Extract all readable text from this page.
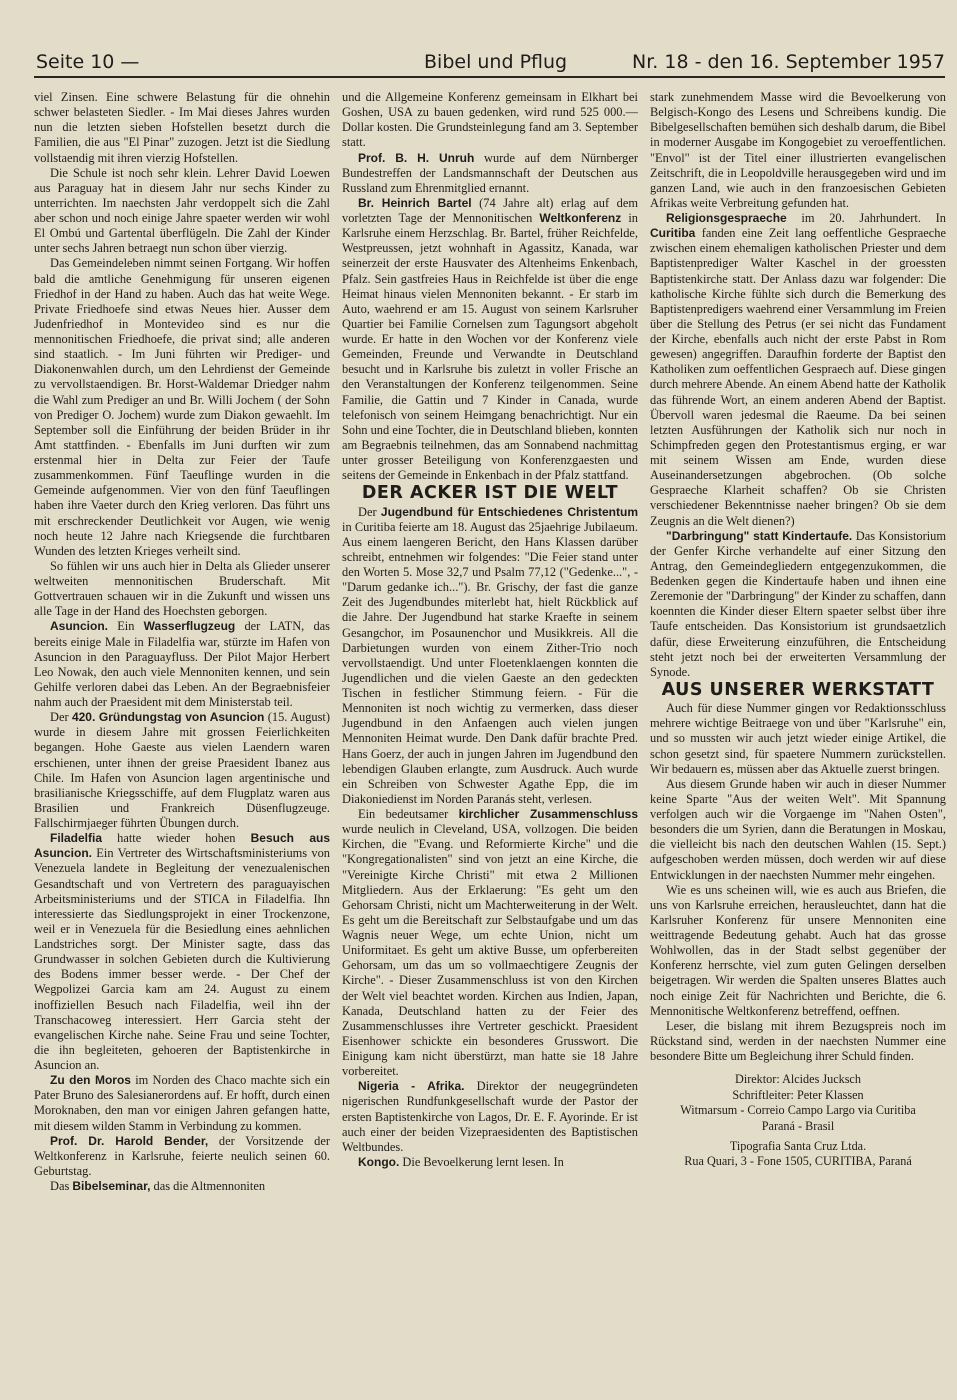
Seite 10 —	Bibel und Pflug	Nr. 18 - den 16. September 1957

viel Zinsen. Eine schwere Belastung für die ohnehin schwer belasteten Siedler. - Im Mai dieses Jahres wurden nun die letzten sieben Hofstellen besetzt durch die Familien, die aus "El Pinar" zuzogen. Jetzt ist die Siedlung vollstaendig mit ihren vierzig Hofstellen.

Die Schule ist noch sehr klein. Lehrer David Loewen aus Paraguay hat in diesem Jahr nur sechs Kinder zu unterrichten. Im naechsten Jahr verdoppelt sich die Zahl aber schon und noch einige Jahre spaeter werden wir wohl El Ombú und Gartental überflügeln. Die Zahl der Kinder unter sechs Jahren betraegt nun schon über vierzig.

Das Gemeindeleben nimmt seinen Fortgang. Wir hoffen bald die amtliche Genehmigung für unseren eigenen Friedhof in der Hand zu haben. Auch das hat weite Wege. Private Friedhoefe sind etwas Neues hier. Ausser dem Judenfriedhof in Montevideo sind es nur die mennonitischen Friedhoefe, die privat sind; alle anderen sind staatlich. - Im Juni führten wir Prediger- und Diakonenwahlen durch, um den Lehrdienst der Gemeinde zu vervollstaendigen. Br. Horst-Waldemar Driedger nahm die Wahl zum Prediger an und Br. Willi Jochem ( der Sohn von Prediger O. Jochem) wurde zum Diakon gewaehlt. Im September soll die Einführung der beiden Brüder in ihr Amt stattfinden. - Ebenfalls im Juni durften wir zum erstenmal hier in Delta zur Feier der Taufe zusammenkommen. Fünf Taeuflinge wurden in die Gemeinde aufgenommen. Vier von den fünf Taeuflingen haben ihre Vaeter durch den Krieg verloren. Das führt uns mit erschreckender Deutlichkeit vor Augen, wie wenig noch heute 12 Jahre nach Kriegsende die furchtbaren Wunden des letzten Krieges verheilt sind.

So fühlen wir uns auch hier in Delta als Glieder unserer weltweiten mennonitischen Bruderschaft. Mit Gottvertrauen schauen wir in die Zukunft und wissen uns alle Tage in der Hand des Hoechsten geborgen.

Asuncion. Ein Wasserflugzeug der LATN, das bereits einige Male in Filadelfia war, stürzte im Hafen von Asuncion in den Paraguayfluss. Der Pilot Major Herbert Leo Nowak, den auch viele Mennoniten kennen, und sein Gehilfe verloren dabei das Leben. An der Begraebnisfeier nahm auch der Praesident mit dem Ministerstab teil.

Der 420. Gründungstag von Asuncion (15. August) wurde in diesem Jahre mit grossen Feierlichkeiten begangen. Hohe Gaeste aus vielen Laendern waren erschienen, unter ihnen der greise Praesident Ibanez aus Chile. Im Hafen von Asuncion lagen argentinische und brasilianische Kriegsschiffe, auf dem Flugplatz waren aus Brasilien und Frankreich Düsenflugzeuge. Fallschirmjaeger führten Übungen durch.

Filadelfia hatte wieder hohen Besuch aus Asuncion. Ein Vertreter des Wirtschaftsministeriums von Venezuela landete in Begleitung der venezualenischen Gesandtschaft und von Vertretern des paraguayischen Arbeitsministeriums und der STICA in Filadelfia. Ihn interessierte das Siedlungsprojekt in einer Trockenzone, weil er in Venezuela für die Besiedlung eines aehnlichen Landstriches sorgt. Der Minister sagte, dass das Grundwasser in solchen Gebieten durch die Kultivierung des Bodens immer besser werde. - Der Chef der Wegpolizei Garcia kam am 24. August zu einem inoffiziellen Besuch nach Filadelfia, weil ihn der Transchacoweg interessiert. Herr Garcia steht der evangelischen Kirche nahe. Seine Frau und seine Tochter, die ihn begleiteten, gehoeren der Baptistenkirche in Asuncion an.

Zu den Moros im Norden des Chaco machte sich ein Pater Bruno des Salesianerordens auf. Er hofft, durch einen Moroknaben, den man vor einigen Jahren gefangen hatte, mit diesem wilden Stamm in Verbindung zu kommen.

Prof. Dr. Harold Bender, der Vorsitzende der Weltkonferenz in Karlsruhe, feierte neulich seinen 60. Geburtstag.

Das Bibelseminar, das die Altmennoniten

und die Allgemeine Konferenz gemeinsam in Elkhart bei Goshen, USA zu bauen gedenken, wird rund 525 000.— Dollar kosten. Die Grundsteinlegung fand am 3. September statt.

Prof. B. H. Unruh wurde auf dem Nürnberger Bundestreffen der Landsmannschaft der Deutschen aus Russland zum Ehrenmitglied ernannt.

Br. Heinrich Bartel (74 Jahre alt) erlag auf dem vorletzten Tage der Mennonitischen Weltkonferenz in Karlsruhe einem Herzschlag. Br. Bartel, früher Reichfelde, Westpreussen, jetzt wohnhaft in Agassitz, Kanada, war seinerzeit der erste Hausvater des Altenheims Enkenbach, Pfalz. Sein gastfreies Haus in Reichfelde ist über die enge Heimat hinaus vielen Mennoniten bekannt. - Er starb im Auto, waehrend er am 15. August von seinem Karlsruher Quartier bei Familie Cornelsen zum Tagungsort abgeholt wurde. Er hatte in den Wochen vor der Konferenz viele Gemeinden, Freunde und Verwandte in Deutschland besucht und in Karlsruhe bis zuletzt in voller Frische an den Veranstaltungen der Konferenz teilgenommen. Seine Familie, die Gattin und 7 Kinder in Canada, wurde telefonisch von seinem Heimgang benachrichtigt. Nur ein Sohn und eine Tochter, die in Deutschland blieben, konnten am Begraebnis teilnehmen, das am Sonnabend nachmittag unter grosser Beteiligung von Konferenzgaesten und seitens der Gemeinde in Enkenbach in der Pfalz stattfand.

DER ACKER IST DIE WELT

Der Jugendbund für Entschiedenes Christentum in Curitiba feierte am 18. August das 25jaehrige Jubilaeum. Aus einem laengeren Bericht, den Hans Klassen darüber schreibt, entnehmen wir folgendes: "Die Feier stand unter den Worten 5. Mose 32,7 und Psalm 77,12 ("Gedenke...", - "Darum gedanke ich..."). Br. Grischy, der fast die ganze Zeit des Jugendbundes miterlebt hat, hielt Rückblick auf die Jahre. Der Jugendbund hat starke Kraefte in seinem Gesangchor, im Posaunenchor und Musikkreis. All die Darbietungen wurden von einem Zither-Trio noch vervollstaendigt. Und unter Floetenklaengen konnten die Jugendlichen und die vielen Gaeste an den gedeckten Tischen in festlicher Stimmung feiern. - Für die Mennoniten ist noch wichtig zu vermerken, dass dieser Jugendbund in den Anfaengen auch vielen jungen Mennoniten Heimat wurde. Den Dank dafür brachte Pred. Hans Goerz, der auch in jungen Jahren im Jugendbund den lebendigen Glauben erlangte, zum Ausdruck. Auch wurde ein Schreiben von Schwester Agathe Epp, die im Diakoniedienst im Norden Paranás steht, verlesen.

Ein bedeutsamer kirchlicher Zusammenschluss wurde neulich in Cleveland, USA, vollzogen. Die beiden Kirchen, die "Evang. und Reformierte Kirche" und die "Kongregationalisten" sind von jetzt an eine Kirche, die "Vereinigte Kirche Christi" mit etwa 2 Millionen Mitgliedern. Aus der Erklaerung: "Es geht um den Gehorsam Christi, nicht um Machterweiterung in der Welt. Es geht um die Bereitschaft zur Selbstaufgabe und um das Wagnis neuer Wege, um echte Union, nicht um Uniformitaet. Es geht um aktive Busse, um opferbereiten Gehorsam, um das um so vollmaechtigere Zeugnis der Kirche". - Dieser Zusammenschluss ist von den Kirchen der Welt viel beachtet worden. Kirchen aus Indien, Japan, Kanada, Deutschland hatten zu der Feier des Zusammenschlusses ihre Vertreter geschickt. Praesident Eisenhower schickte ein besonderes Grusswort. Die Einigung kam nicht überstürzt, man hatte sie 18 Jahre vorbereitet.

Nigeria - Afrika. Direktor der neugegründeten nigerischen Rundfunkgesellschaft wurde der Pastor der ersten Baptistenkirche von Lagos, Dr. E. F. Ayorinde. Er ist auch einer der beiden Vizepraesidenten des Baptistischen Weltbundes.

Kongo. Die Bevoelkerung lernt lesen. In

stark zunehmendem Masse wird die Bevoelkerung von Belgisch-Kongo des Lesens und Schreibens kundig. Die Bibelgesellschaften bemühen sich deshalb darum, die Bibel in moderner Ausgabe im Kongogebiet zu veroeffentlichen. "Envol" ist der Titel einer illustrierten evangelischen Zeitschrift, die in Leopoldville herausgegeben wird und im ganzen Land, wie auch in den franzoesischen Gebieten Afrikas weite Verbreitung gefunden hat.

Religionsgespraeche im 20. Jahrhundert. In Curitiba fanden eine Zeit lang oeffentliche Gespraeche zwischen einem ehemaligen katholischen Priester und dem Baptistenprediger Walter Kaschel in der groessten Baptistenkirche statt. Der Anlass dazu war folgender: Die katholische Kirche fühlte sich durch die Bemerkung des Baptistenpredigers waehrend einer Versammlung im Freien über die Stellung des Petrus (er sei nicht das Fundament der Kirche, ebenfalls auch nicht der erste Pabst in Rom gewesen) angegriffen. Daraufhin forderte der Baptist den Katholiken zum oeffentlichen Gespraech auf. Diese gingen durch mehrere Abende. An einem Abend hatte der Katholik das führende Wort, an einem anderen Abend der Baptist. Übervoll waren jedesmal die Raeume. Da bei seinen letzten Ausführungen der Katholik sich nur noch in Schimpfreden gegen den Protestantismus erging, er war mit seinem Wissen am Ende, wurden diese Auseinandersetzungen abgebrochen. (Ob solche Gespraeche Klarheit schaffen? Ob sie Christen verschiedener Bekenntnisse naeher bringen? Ob sie dem Zeugnis an die Welt dienen?)

"Darbringung" statt Kindertaufe. Das Konsistorium der Genfer Kirche verhandelte auf einer Sitzung den Antrag, den Gemeindegliedern entgegenzukommen, die Bedenken gegen die Kindertaufe haben und ihnen eine Zeremonie der "Darbringung" der Kinder zu schaffen, dann koennten die Kinder dieser Eltern spaeter selbst über ihre Taufe entscheiden. Das Konsistorium ist grundsaetzlich dafür, diese Erweiterung einzuführen, die Entscheidung steht jetzt noch bei der erweiterten Versammlung der Synode.

AUS UNSERER WERKSTATT

Auch für diese Nummer gingen vor Redaktionsschluss mehrere wichtige Beitraege von und über "Karlsruhe" ein, und so mussten wir auch jetzt wieder einige Artikel, die schon gesetzt sind, für spaetere Nummern zurückstellen. Wir bedauern es, müssen aber das Aktuelle zuerst bringen.

Aus diesem Grunde haben wir auch in dieser Nummer keine Sparte "Aus der weiten Welt". Mit Spannung verfolgen auch wir die Vorgaenge im "Nahen Osten", besonders die um Syrien, dann die Beratungen in Moskau, die vielleicht bis nach den deutschen Wahlen (15. Sept.) aufgeschoben werden müssen, doch werden wir auf diese Entwicklungen in der naechsten Nummer mehr eingehen.

Wie es uns scheinen will, wie es auch aus Briefen, die uns von Karlsruhe erreichen, herausleuchtet, dann hat die Karlsruher Konferenz für unsere Mennoniten eine weittragende Bedeutung gehabt. Auch hat das grosse Wohlwollen, das in der Stadt selbst gegenüber der Konferenz herrschte, viel zum guten Gelingen derselben beigetragen. Wir werden die Spalten unseres Blattes auch noch einige Zeit für Nachrichten und Berichte, die 6. Mennonitische Weltkonferenz betreffend, oeffnen.

Leser, die bislang mit ihrem Bezugspreis noch im Rückstand sind, werden in der naechsten Nummer eine besondere Bitte um Begleichung ihrer Schuld finden.

Direktor: Alcides Jucksch
Schriftleiter: Peter Klassen
Witmarsum - Correio Campo Largo via Curitiba
Paraná - Brasil
Tipografia Santa Cruz Ltda.
Rua Quari, 3 - Fone 1505, CURITIBA, Paraná
